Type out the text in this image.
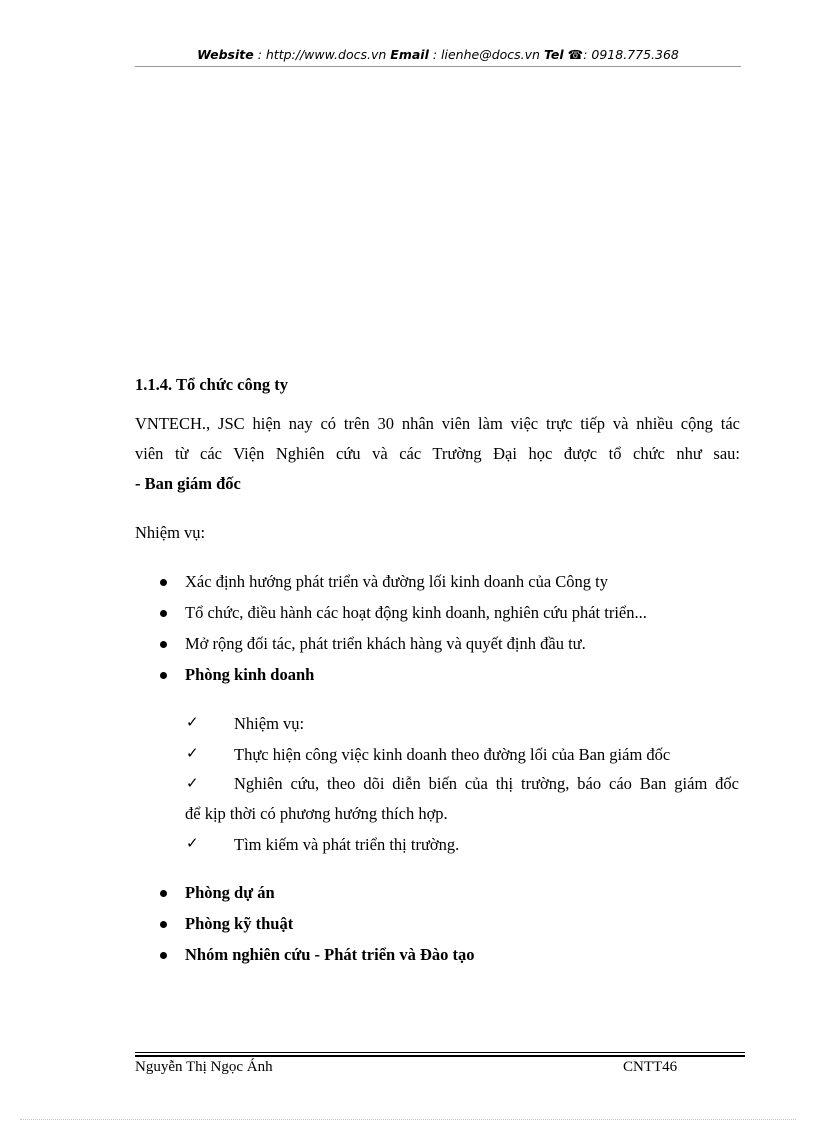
Website : http://www.docs.vn Email : lienhe@docs.vn Tel ☎: 0918.775.368
1.1.4. Tổ chức công ty
VNTECH., JSC hiện nay có trên 30 nhân viên làm việc trực tiếp và nhiều cộng tác
viên từ các Viện Nghiên cứu và các Trường Đại học được tổ chức như sau:
- Ban giám đốc
Nhiệm vụ:
Xác định hướng phát triển và đường lối kinh doanh của Công ty
Tổ chức, điều hành các hoạt động kinh doanh, nghiên cứu phát triển...
Mở rộng đối tác, phát triển khách hàng và quyết định đầu tư.
Phòng kinh doanh
✓ Nhiệm vụ:
✓ Thực hiện công việc kinh doanh theo đường lối của Ban giám đốc
✓ Nghiên cứu, theo dõi diễn biến của thị trường, báo cáo Ban giám đốc
để kịp thời có phương hướng thích hợp.
✓ Tìm kiếm và phát triển thị trường.
Phòng dự án
Phòng kỹ thuật
Nhóm nghiên cứu - Phát triển và Đào tạo
Nguyễn Thị Ngọc Ánh	CNTT46
